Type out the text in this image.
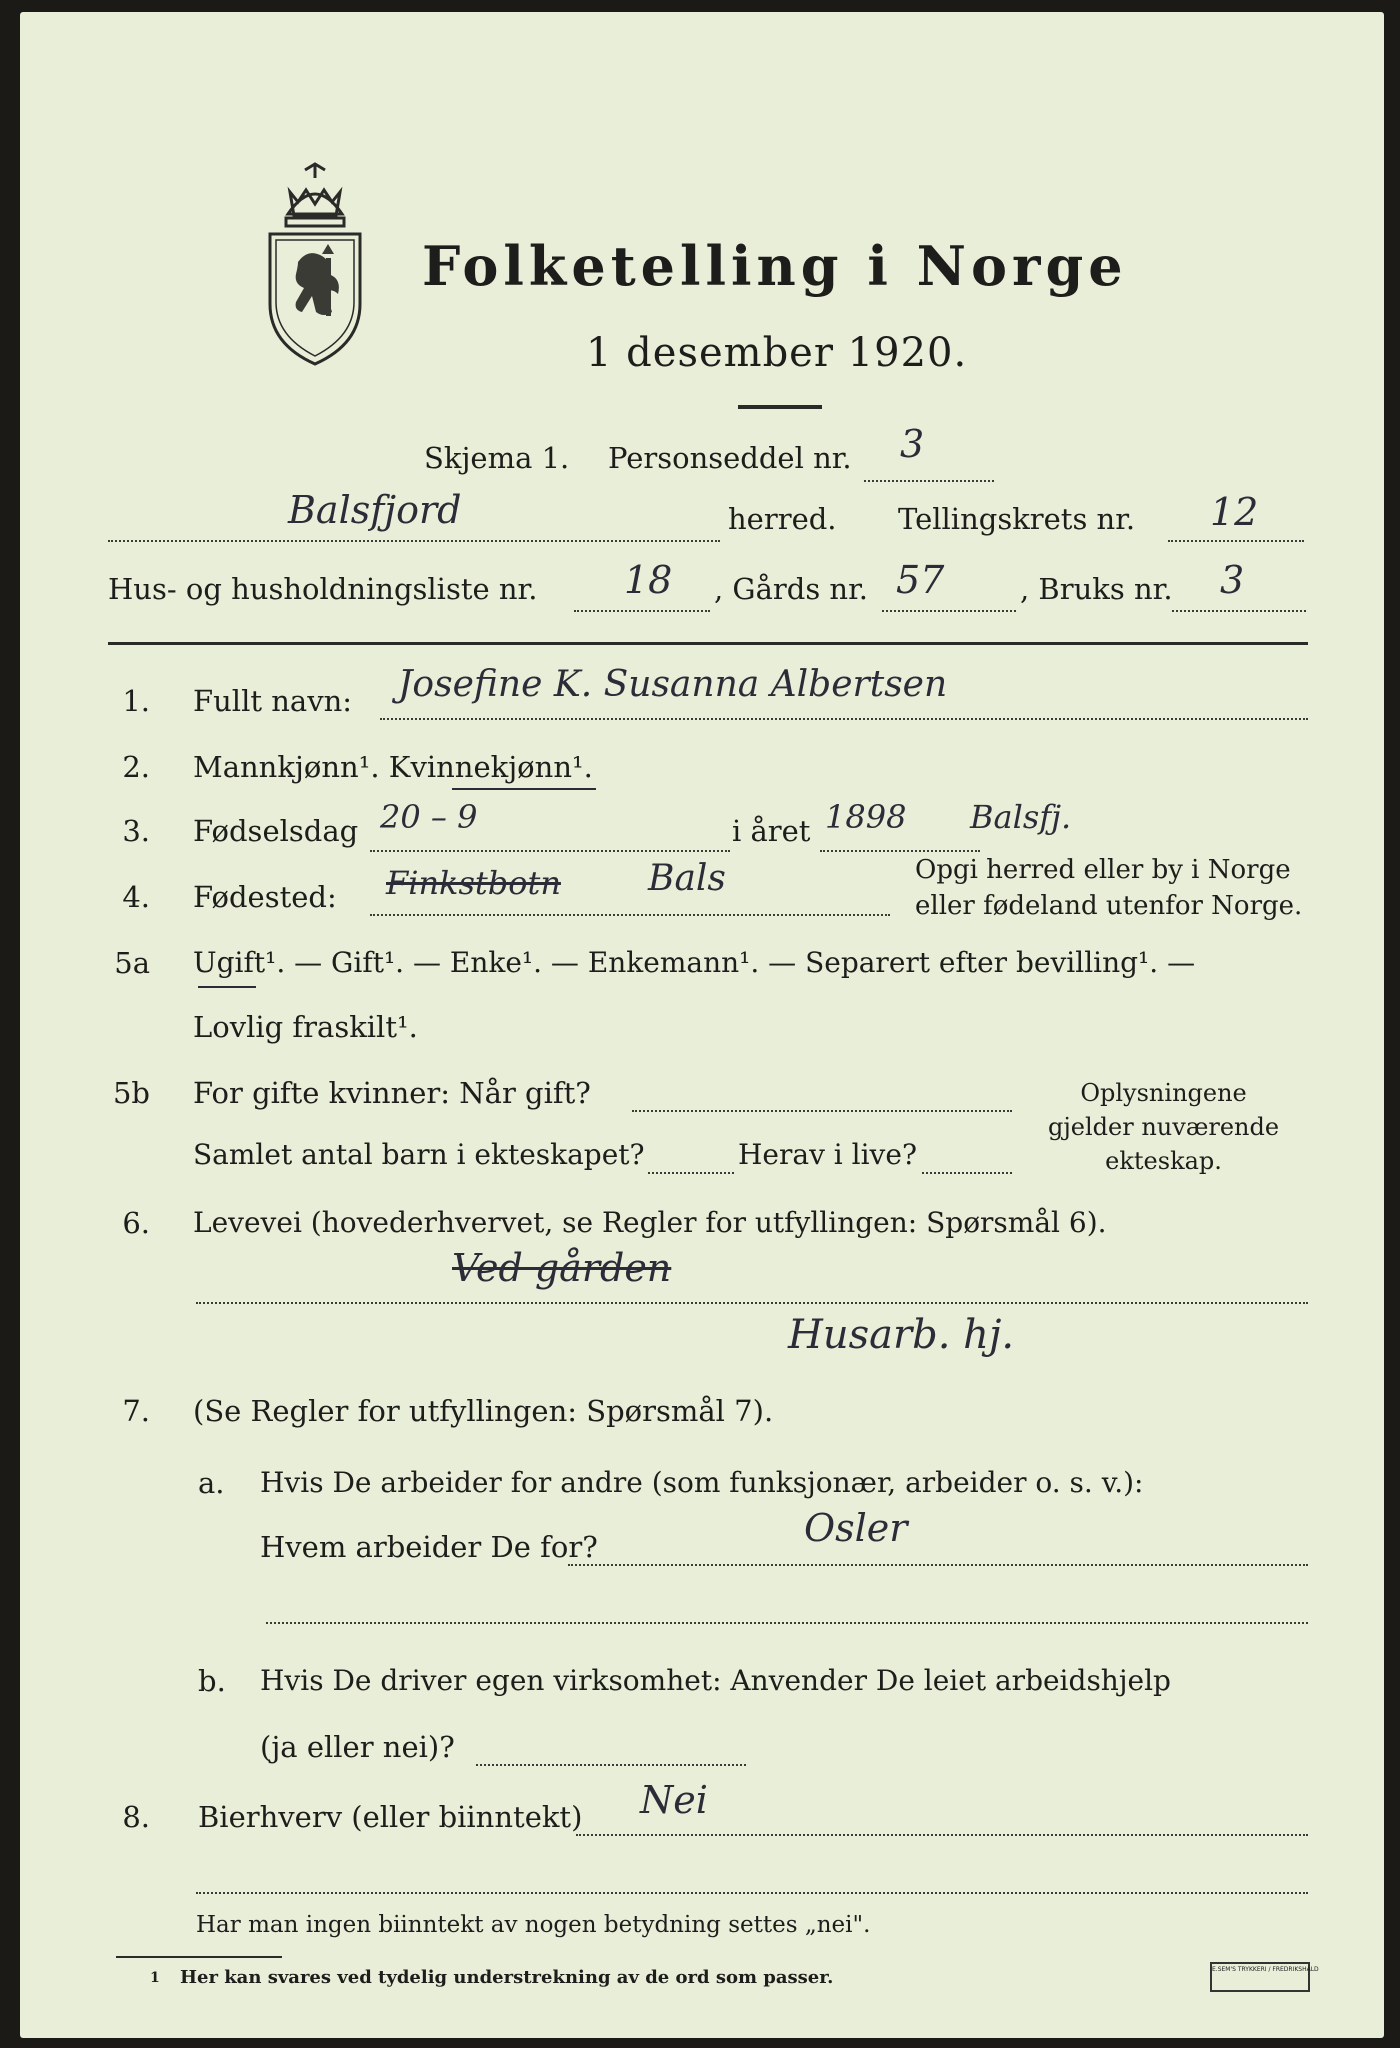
Folketelling i Norge
1 desember 1920.
Skjema 1. Personseddel nr. 3
Balsfjord	herred. Tellingskrets nr. 12
Hus- og husholdningsliste nr. 18 , Gårds nr. 57	, Bruks nr. 3
1. Fullt navn: Josefine K. Susanna Albertsen
2. Mannkjønn¹. Kvinnekjønn¹.
3. Fødselsdag 20 – 9	i året 1898 Balsfj.
4. Fødested: Finkstbotn Bals	Opgi herred eller by i Norge
eller fødeland utenfor Norge.
5a Ugift¹. — Gift¹. — Enke¹. — Enkemann¹. — Separert efter bevilling¹. —
Lovlig fraskilt¹.
5b For gifte kvinner: Når gift?
Samlet antal barn i ekteskapet?	Herav i live?
Oplysningene
gjelder nuværende
ekteskap.
6. Levevei (hovederhvervet, se Regler for utfyllingen: Spørsmål 6).
Ved gården
Husarb. hj.
7. (Se Regler for utfyllingen: Spørsmål 7).
a. Hvis De arbeider for andre (som funksjonær, arbeider o. s. v.):
Hvem arbeider De for?	Osler
b. Hvis De driver egen virksomhet: Anvender De leiet arbeidshjelp
(ja eller nei)?
8. Bierhverv (eller biinntekt) Nei
Har man ingen biinntekt av nogen betydning settes „nei".
1 Her kan svares ved tydelig understrekning av de ord som passer.	E.SEM'S TRYKKERI / FREDRIKSHALD
